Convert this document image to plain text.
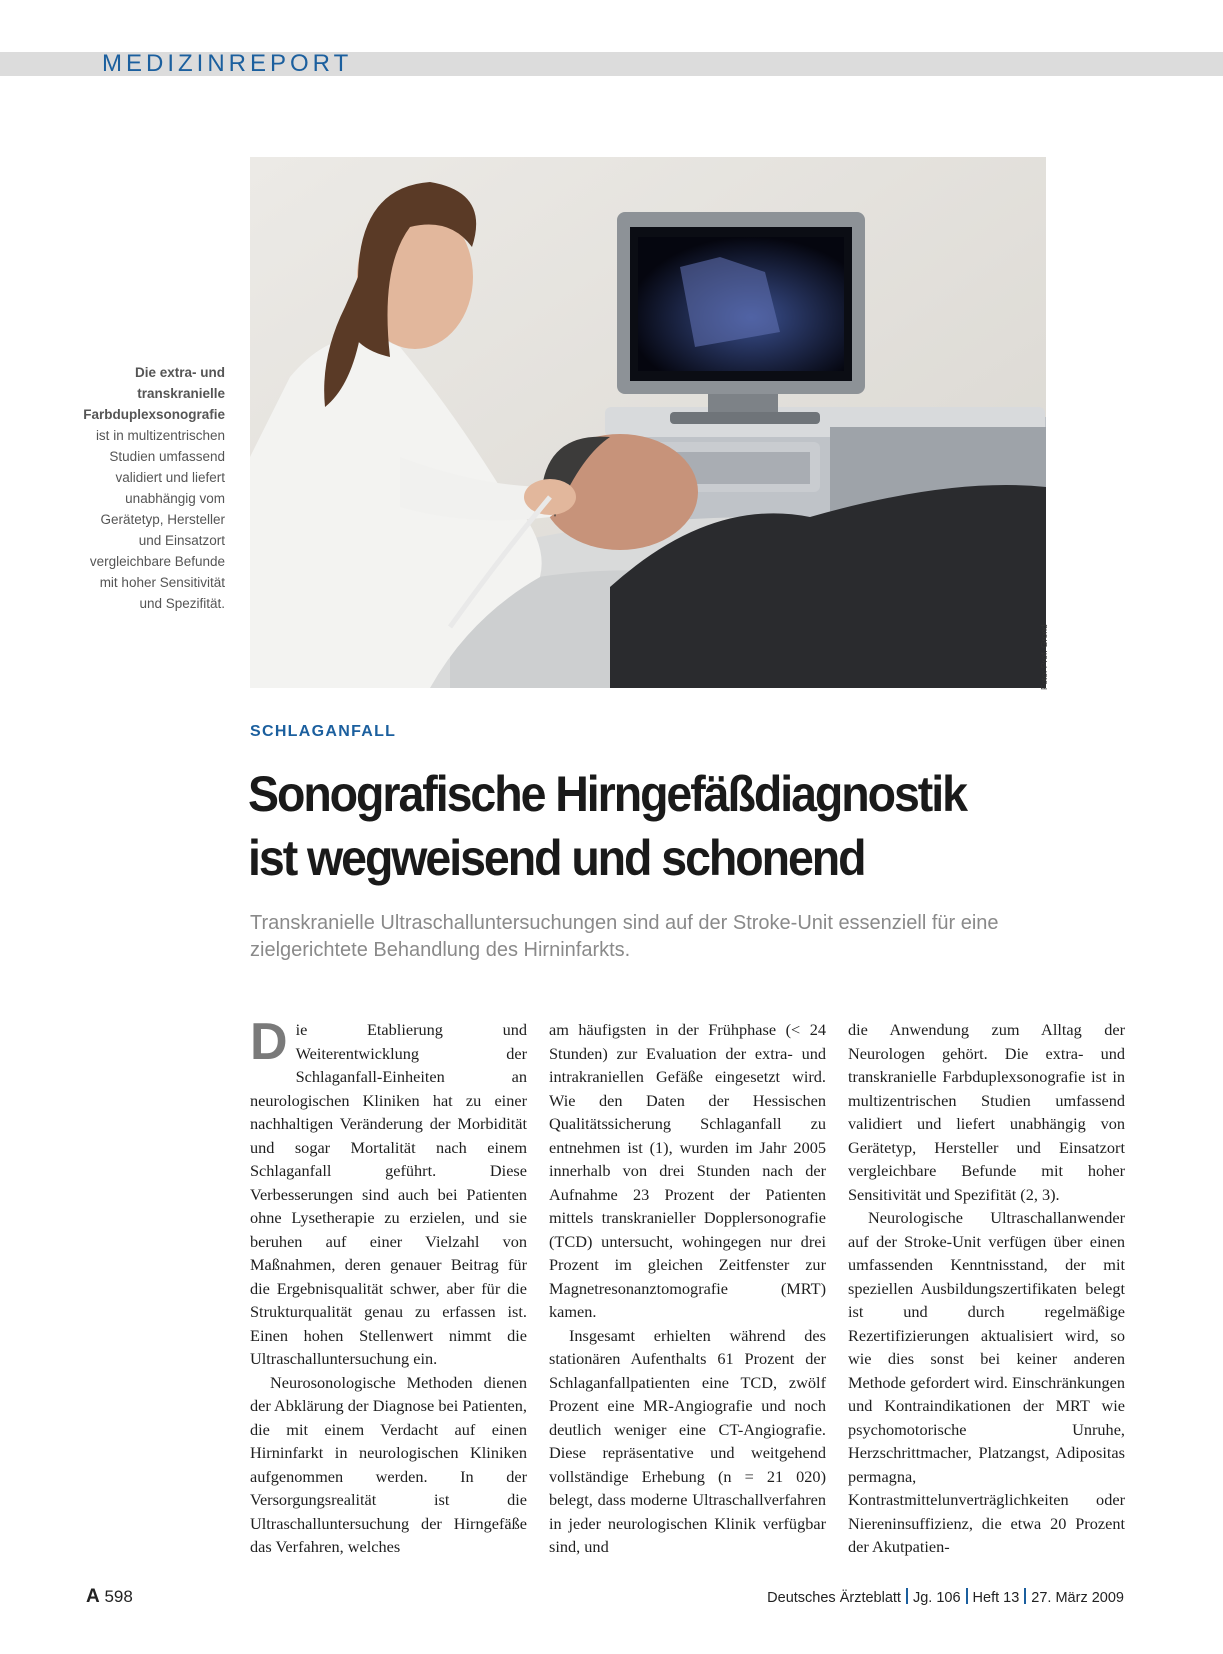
MEDIZINREPORT
Die extra- und transkranielle Farbduplexsonografie ist in multizentrischen Studien umfassend validiert und liefert unabhängig vom Gerätetyp, Hersteller und Einsatzort vergleichbare Befunde mit hoher Sensitivität und Spezifität.
Foto: Prof. Grond
SCHLAGANFALL
Sonografische Hirngefäßdiagnostik
ist wegweisend und schonend

Transkranielle Ultraschalluntersuchungen sind auf der Stroke-Unit essenziell für eine zielgerichtete Behandlung des Hirninfarkts.

Die Etablierung und Weiterentwicklung der Schlaganfall-Einheiten an neurologischen Kliniken hat zu einer nachhaltigen Veränderung der Morbidität und sogar Mortalität nach einem Schlaganfall geführt. Diese Verbesserungen sind auch bei Patienten ohne Lysetherapie zu erzielen, und sie beruhen auf einer Vielzahl von Maßnahmen, deren genauer Beitrag für die Ergebnisqualität schwer, aber für die Strukturqualität genau zu erfassen ist. Einen hohen Stellenwert nimmt die Ultraschalluntersuchung ein.

Neurosonologische Methoden dienen der Abklärung der Diagnose bei Patienten, die mit einem Verdacht auf einen Hirninfarkt in neurologischen Kliniken aufgenommen werden. In der Versorgungsrealität ist die Ultraschalluntersuchung der Hirngefäße das Verfahren, welches

am häufigsten in der Frühphase (< 24 Stunden) zur Evaluation der extra- und intrakraniellen Gefäße eingesetzt wird. Wie den Daten der Hessischen Qualitätssicherung Schlaganfall zu entnehmen ist (1), wurden im Jahr 2005 innerhalb von drei Stunden nach der Aufnahme 23 Prozent der Patienten mittels transkranieller Dopplersonografie (TCD) untersucht, wohingegen nur drei Prozent im gleichen Zeitfenster zur Magnetresonanztomografie (MRT) kamen.

Insgesamt erhielten während des stationären Aufenthalts 61 Prozent der Schlaganfallpatienten eine TCD, zwölf Prozent eine MR-Angiografie und noch deutlich weniger eine CT-Angiografie. Diese repräsentative und weitgehend vollständige Erhebung (n = 21 020) belegt, dass moderne Ultraschallverfahren in jeder neurologischen Klinik verfügbar sind, und

die Anwendung zum Alltag der Neurologen gehört. Die extra- und transkranielle Farbduplexsonografie ist in multizentrischen Studien umfassend validiert und liefert unabhängig von Gerätetyp, Hersteller und Einsatzort vergleichbare Befunde mit hoher Sensitivität und Spezifität (2, 3).

Neurologische Ultraschallanwender auf der Stroke-Unit verfügen über einen umfassenden Kenntnisstand, der mit speziellen Ausbildungszertifikaten belegt ist und durch regelmäßige Rezertifizierungen aktualisiert wird, so wie dies sonst bei keiner anderen Methode gefordert wird. Einschränkungen und Kontraindikationen der MRT wie psychomotorische Unruhe, Herzschrittmacher, Platzangst, Adipositas permagna, Kontrastmittelunverträglichkeiten oder Niereninsuffizienz, die etwa 20 Prozent der Akutpatien-

A 598	Deutsches Ärzteblatt Jg. 106 Heft 13 27. März 2009
